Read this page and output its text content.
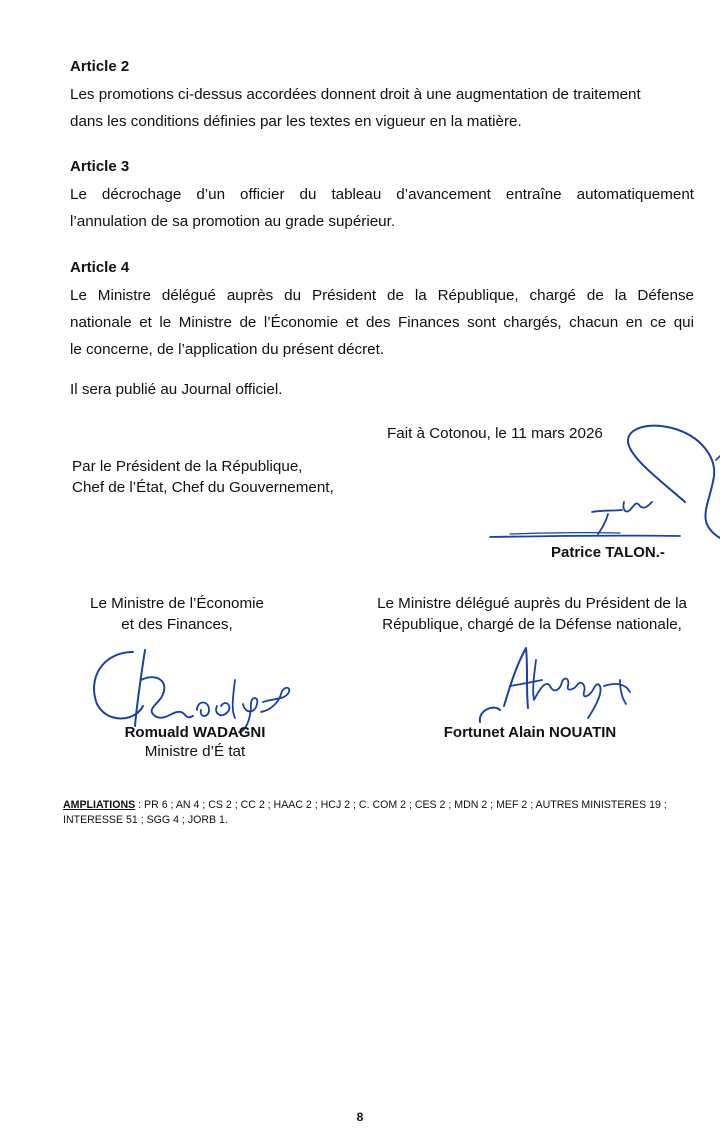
Article 2
Les promotions ci-dessus accordées donnent droit à une augmentation de traitement
dans les conditions définies par les textes en vigueur en la matière.
Article 3
Le décrochage d’un officier du tableau d’avancement entraîne automatiquement
l’annulation de sa promotion au grade supérieur.
Article 4
Le Ministre délégué auprès du Président de la République, chargé de la Défense
nationale et le Ministre de l’Économie et des Finances sont chargés, chacun en ce qui
le concerne, de l’application du présent décret.
Il sera publié au Journal officiel.
Fait à Cotonou, le 11 mars 2026
Par le Président de la République,
Chef de l’État, Chef du Gouvernement,
Patrice TALON.-
Le Ministre de l’Économie
et des Finances,
Romuald WADAGNI
Ministre d’É tat
Le Ministre délégué auprès du Président de la
République, chargé de la Défense nationale,
Fortunet Alain NOUATIN
AMPLIATIONS : PR 6 ; AN 4 ; CS 2 ; CC 2 ; HAAC 2 ; HCJ 2 ; C. COM 2 ; CES 2 ; MDN 2 ; MEF 2 ; AUTRES MINISTERES 19 ;
INTERESSE 51 ; SGG 4 ; JORB 1.
8
